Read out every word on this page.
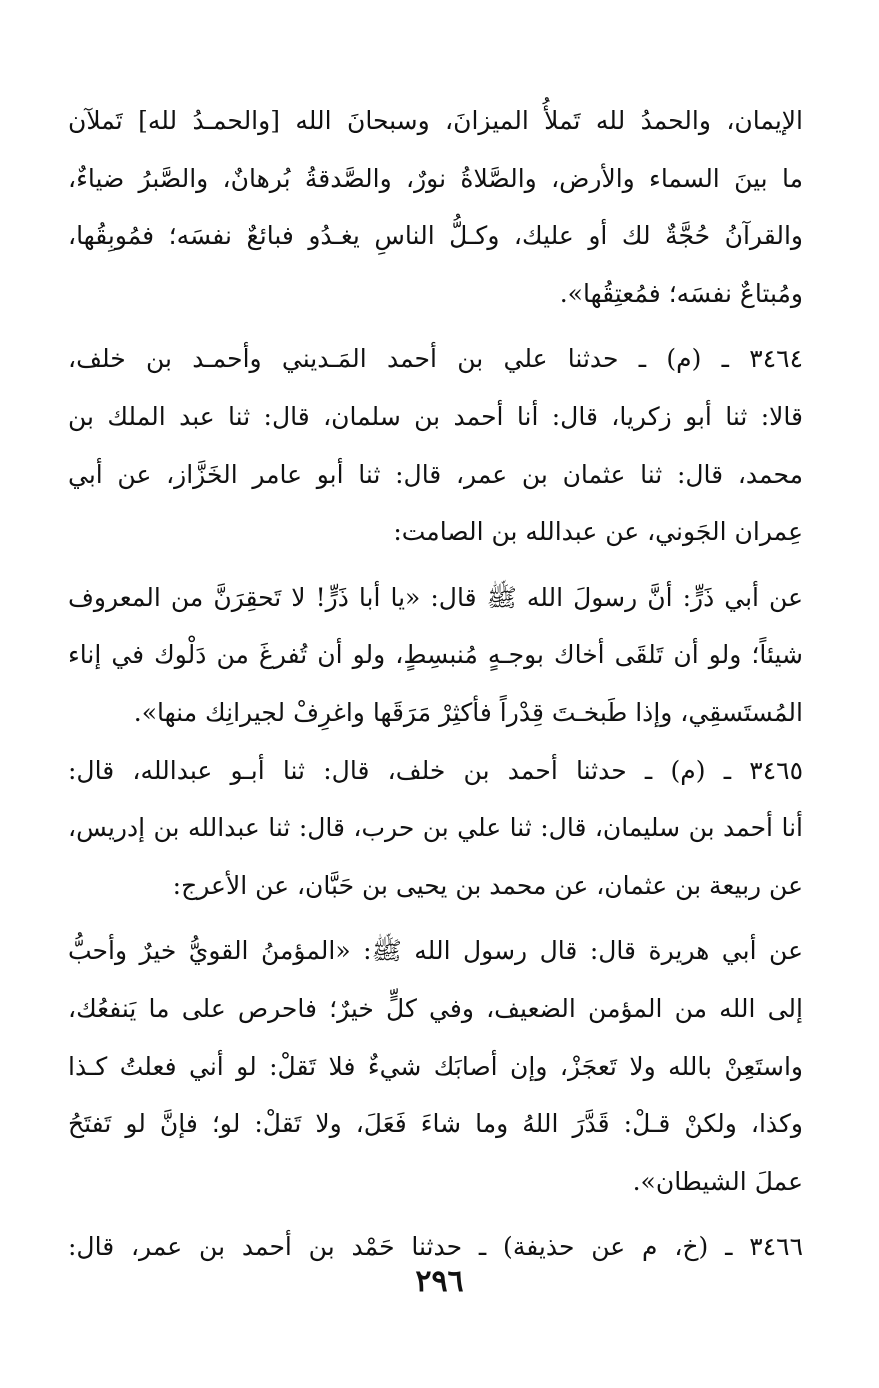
الإيمان، والحمدُ لله تَملأُ الميزانَ، وسبحانَ الله [والحمـدُ لله] تَملآن
ما بينَ السماء والأرض، والصَّلاةُ نورٌ، والصَّدقةُ بُرهانٌ، والصَّبرُ ضياءٌ،
والقرآنُ حُجَّةٌ لك أو عليك، وكـلُّ الناسِ يغـدُو فبائعٌ نفسَه؛ فمُوبِقُها،
ومُبتاعٌ نفسَه؛ فمُعتِقُها».

٣٤٦٤ ـ (م) ـ حدثنا علي بن أحمد المَـديني وأحمـد بن خلف،
قالا: ثنا أبو زكريا، قال: أنا أحمد بن سلمان، قال: ثنا عبد الملك بن
محمد، قال: ثنا عثمان بن عمر، قال: ثنا أبو عامر الخَزَّاز، عن أبي
عِمران الجَوني، عن عبدالله بن الصامت:

عن أبي ذَرٍّ: أنَّ رسولَ الله ﷺ قال: «يا أبا ذَرٍّ! لا تَحقِرَنَّ من المعروف
شيئاً؛ ولو أن تَلقَى أخاك بوجـهٍ مُنبسِطٍ، ولو أن تُفرغَ من دَلْوك في إناء
المُستَسقِي، وإذا طَبخـتَ قِدْراً فأكثِرْ مَرَقَها واغرِفْ لجيرانِك منها».

٣٤٦٥ ـ (م) ـ حدثنا أحمد بن خلف، قال: ثنا أبـو عبدالله، قال:
أنا أحمد بن سليمان، قال: ثنا علي بن حرب، قال: ثنا عبدالله بن إدريس،
عن ربيعة بن عثمان، عن محمد بن يحيى بن حَبَّان، عن الأعرج:

عن أبي هريرة قال: قال رسول الله ﷺ: «المؤمنُ القويُّ خيرٌ وأحبُّ
إلى الله من المؤمن الضعيف، وفي كلٍّ خيرٌ؛ فاحرص على ما يَنفعُك،
واستَعِنْ بالله ولا تَعجَزْ، وإن أصابَك شيءٌ فلا تَقلْ: لو أني فعلتُ كـذا
وكذا، ولكنْ قـلْ: قَدَّرَ اللهُ وما شاءَ فَعَلَ، ولا تَقلْ: لو؛ فإنَّ لو تَفتَحُ
عملَ الشيطان».

٣٤٦٦ ـ (خ، م عن حذيفة) ـ حدثنا حَمْد بن أحمد بن عمر، قال:

٢٩٦
